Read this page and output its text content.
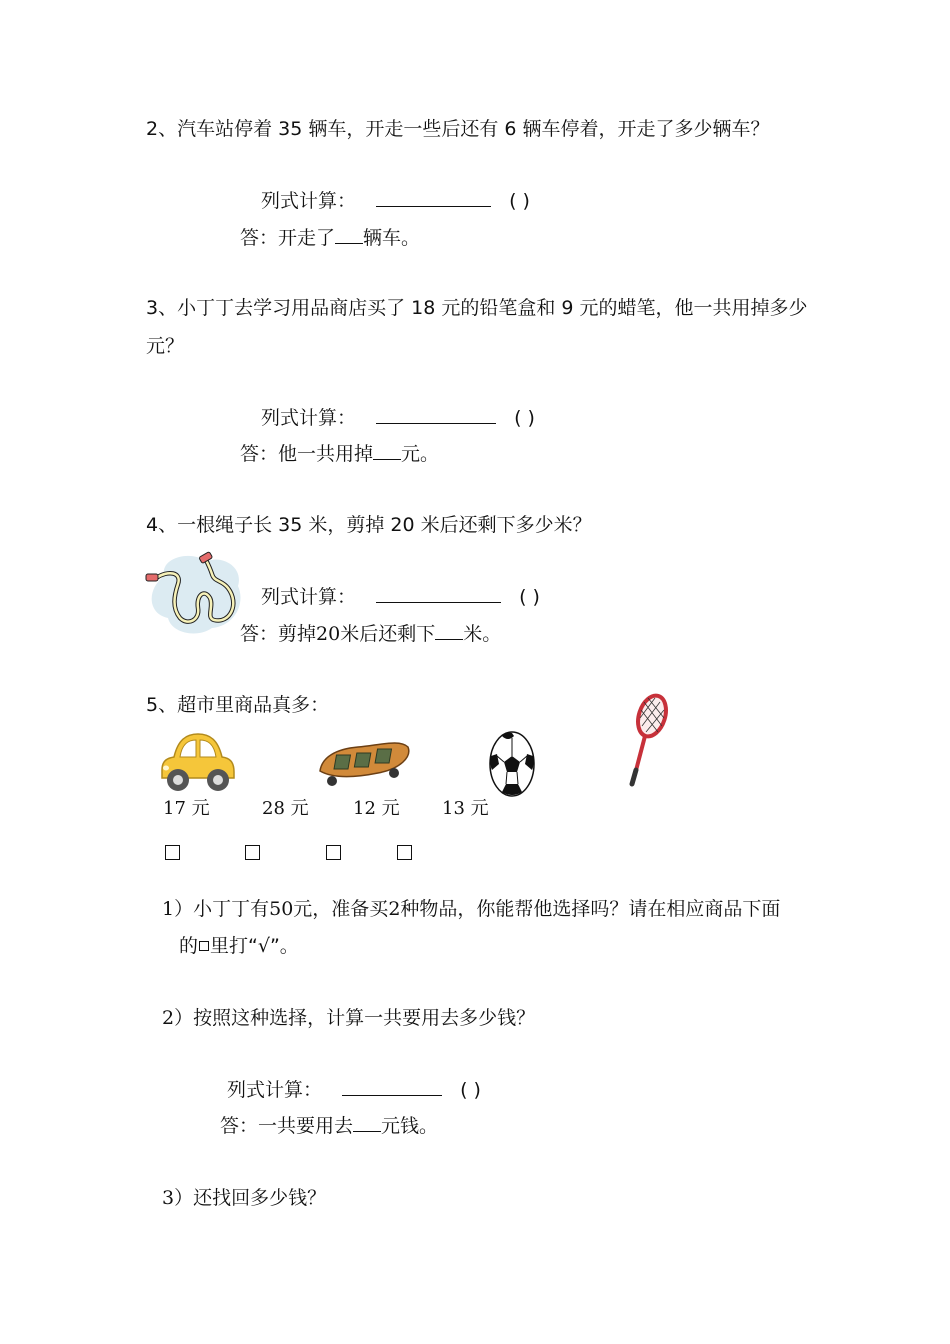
2、汽车站停着 35 辆车，开走一些后还有 6 辆车停着，开走了多少辆车？
列式计算：	( )
答：开走了 辆车。
3、小丁丁去学习用品商店买了 18 元的铅笔盒和 9 元的蜡笔，他一共用掉多少
元？
列式计算：	( )
答：他一共用掉 元。
4、一根绳子长 35 米，剪掉 20 米后还剩下多少米？
列式计算：	( )
答：剪掉20米后还剩下 米。
5、超市里商品真多：
17 元	28 元 12 元 13 元
1）小丁丁有50元，准备买2种物品，你能帮他选择吗？请在相应商品下面
的 里打“√”。
2）按照这种选择，计算一共要用去多少钱？
列式计算：	( )
答：一共要用去 元钱。
3）还找回多少钱？
